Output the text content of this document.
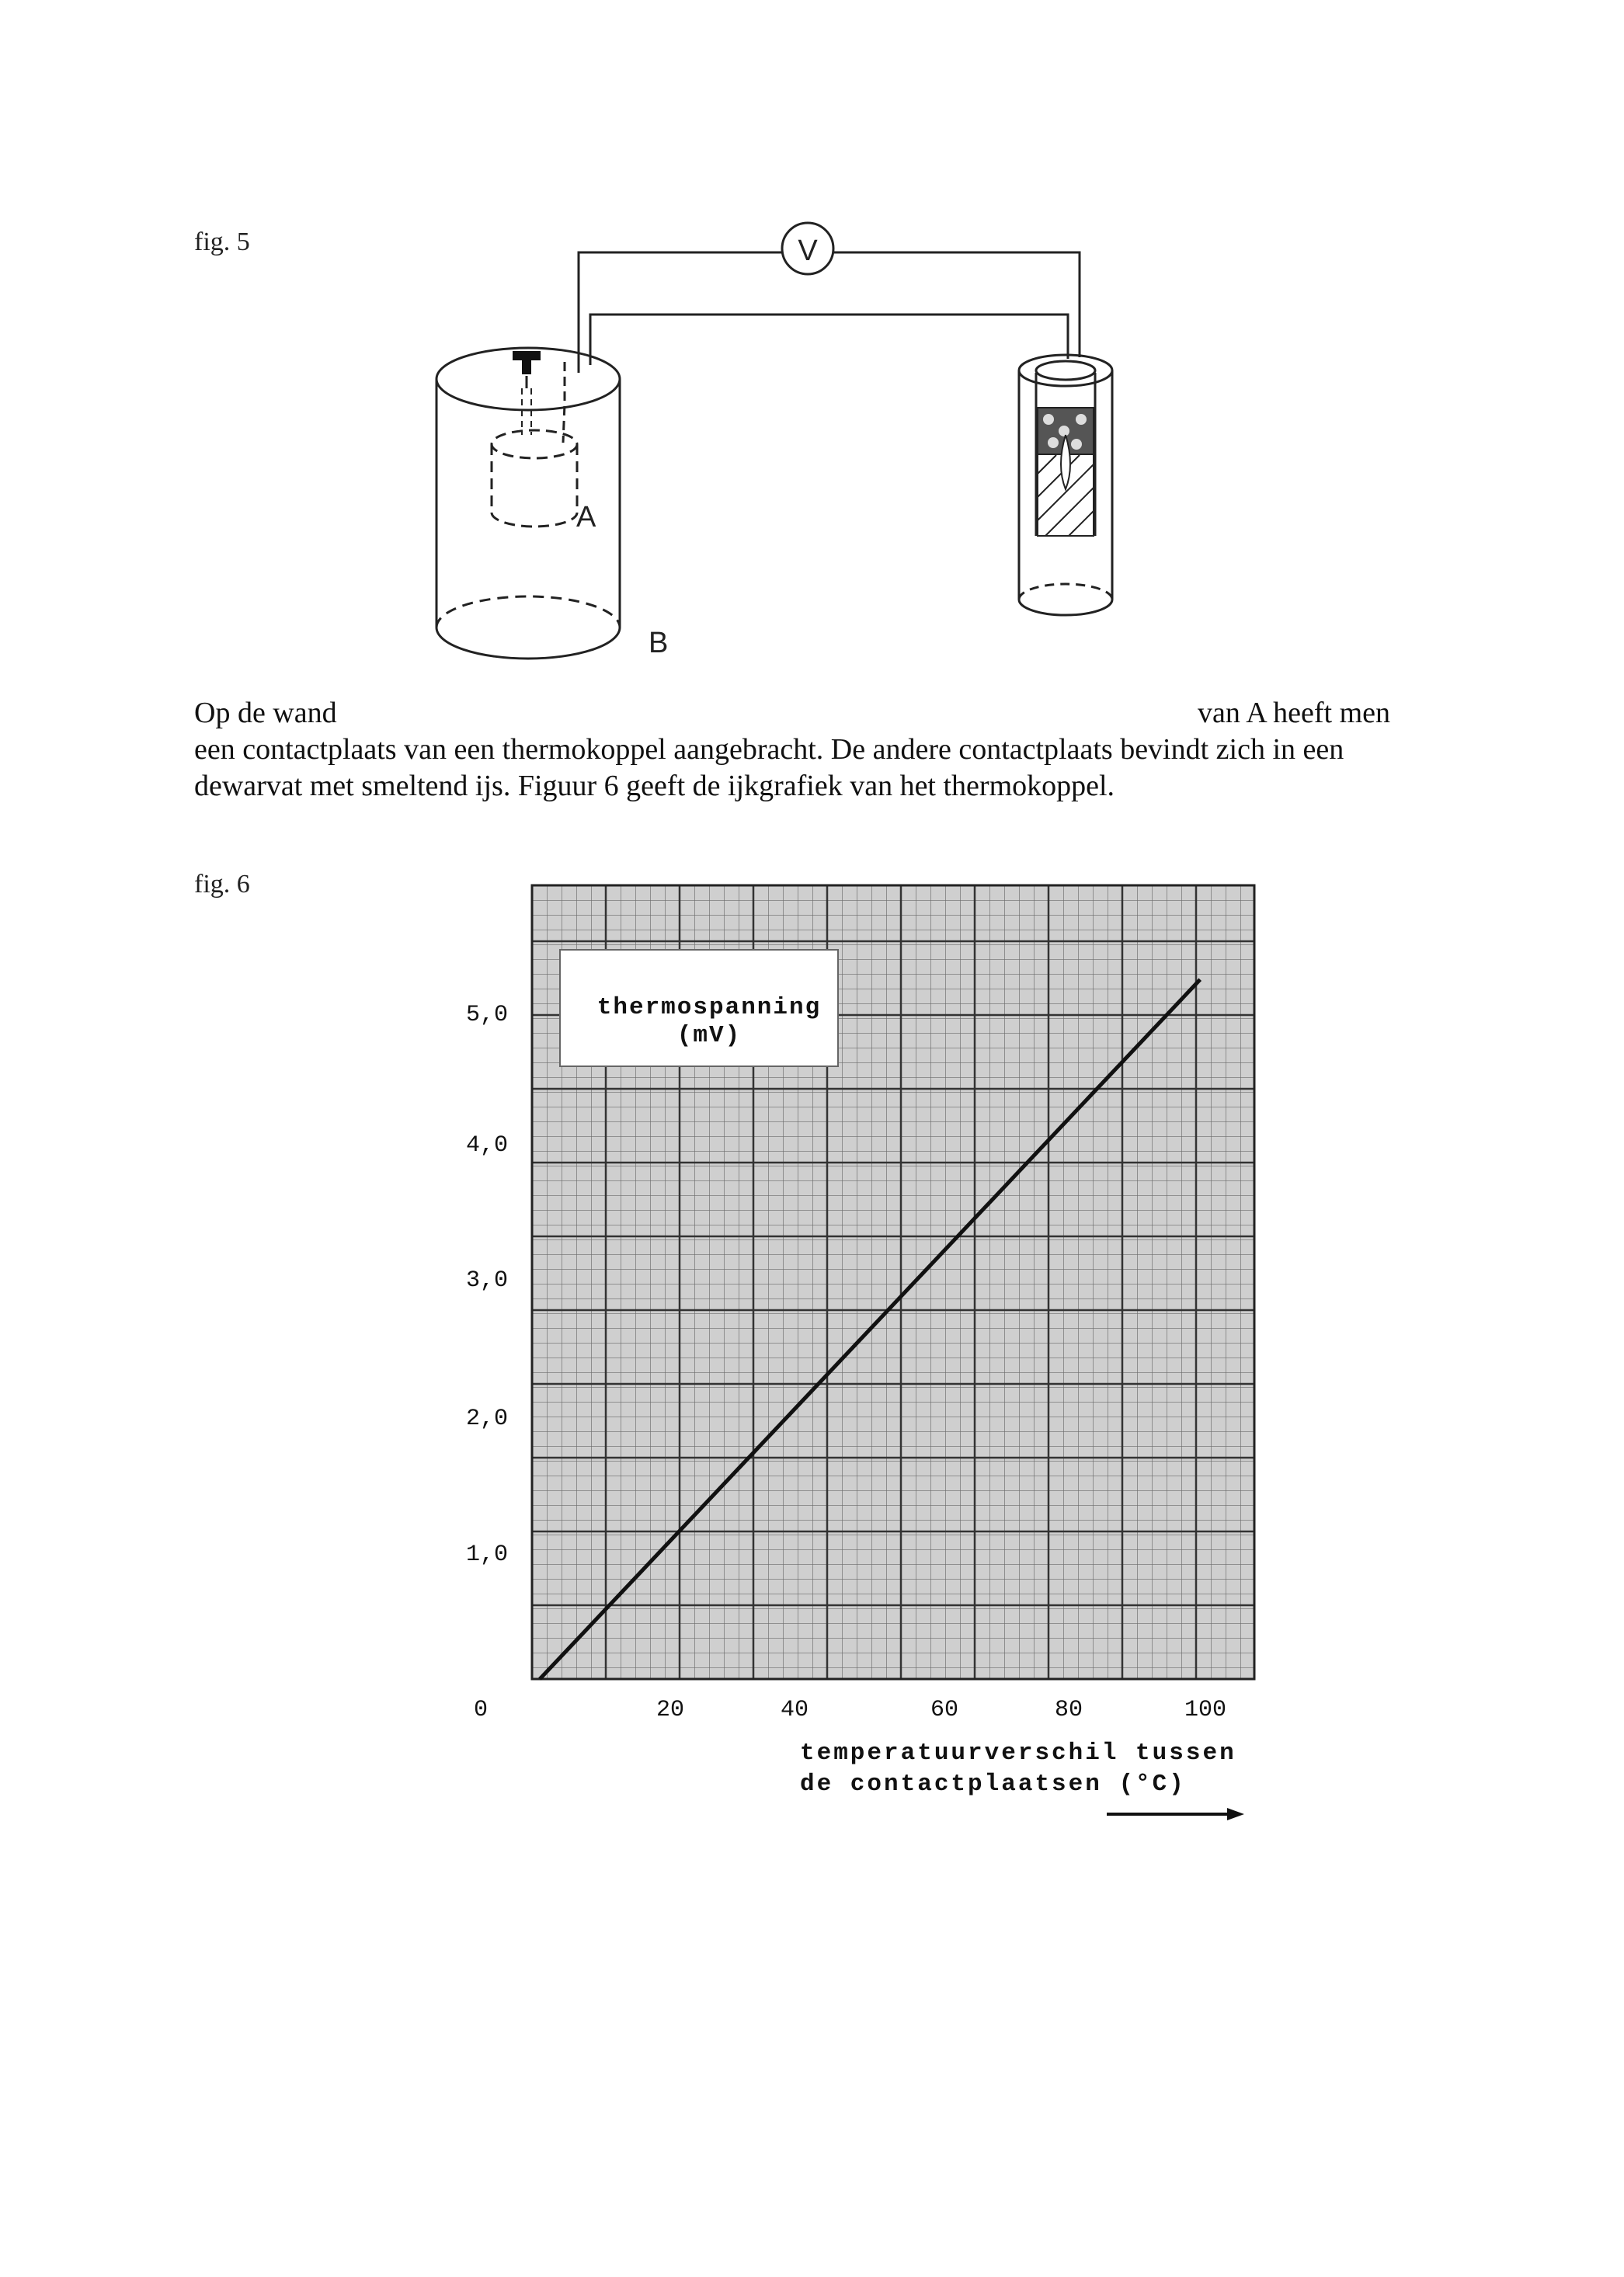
fig. 5	V
A
B
Op de wand	van A heeft men
een contactplaats van een thermokoppel aangebracht. De andere contactplaats bevindt zich in een
dewarvat met smeltend ijs. Figuur 6 geeft de ijkgrafiek van het thermokoppel.
fig. 6
thermospanning
(mV)
0	20	40	60	80	100
1,0
2,0
3,0
4,0
5,0
temperatuurverschil tussen
de contactplaatsen (°C)
